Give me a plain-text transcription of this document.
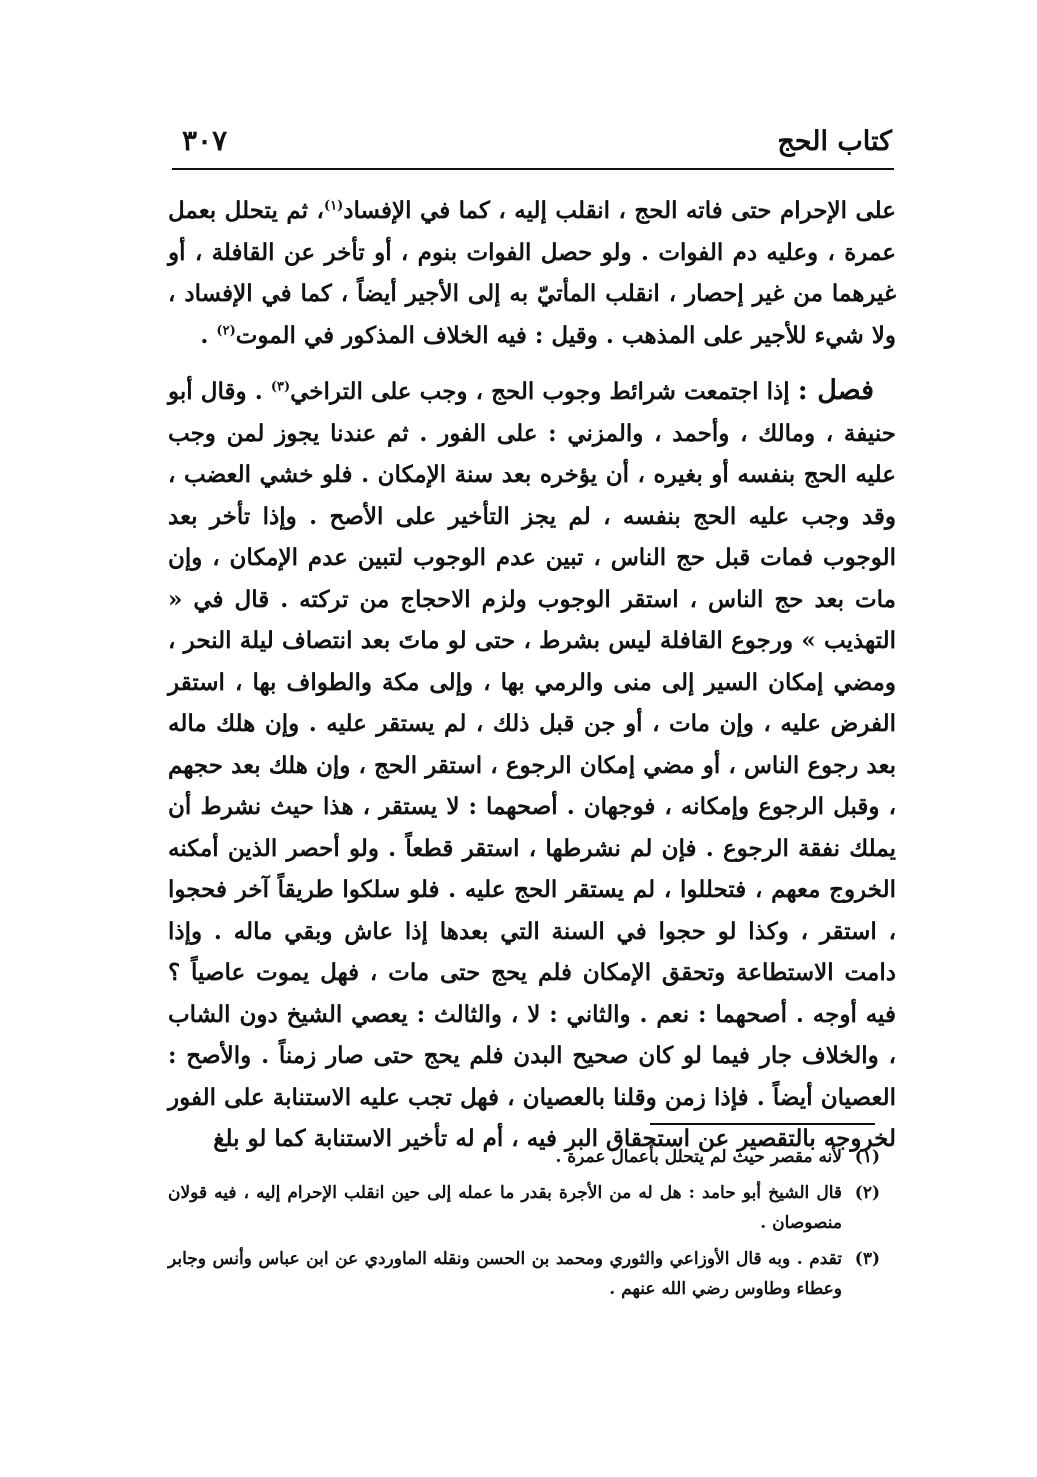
كتاب الحج
٣٠٧

على الإحرام حتى فاته الحج ، انقلب إليه ، كما في الإفساد$^{(١)}$، ثم يتحلل بعمل عمرة ، وعليه دم الفوات . ولو حصل الفوات بنوم ، أو تأخر عن القافلة ، أو غيرهما من غير إحصار ، انقلب المأتيّ به إلى الأجير أيضاً ، كما في الإفساد ، ولا شيء للأجير على المذهب . وقيل : فيه الخلاف المذكور في الموت$^{(٢)}$ .

فصل : إذا اجتمعت شرائط وجوب الحج ، وجب على التراخي$^{(٣)}$ . وقال أبو حنيفة ، ومالك ، وأحمد ، والمزني : على الفور . ثم عندنا يجوز لمن وجب عليه الحج بنفسه أو بغيره ، أن يؤخره بعد سنة الإمكان . فلو خشي العضب ، وقد وجب عليه الحج بنفسه ، لم يجز التأخير على الأصح . وإذا تأخر بعد الوجوب فمات قبل حج الناس ، تبين عدم الوجوب لتبين عدم الإمكان ، وإن مات بعد حج الناس ، استقر الوجوب ولزم الاحجاج من تركته . قال في « التهذيب » ورجوع القافلة ليس بشرط ، حتى لو ماتَ بعد انتصاف ليلة النحر ، ومضي إمكان السير إلى منى والرمي بها ، وإلى مكة والطواف بها ، استقر الفرض عليه ، وإن مات ، أو جن قبل ذلك ، لم يستقر عليه . وإن هلك ماله بعد رجوع الناس ، أو مضي إمكان الرجوع ، استقر الحج ، وإن هلك بعد حجهم ، وقبل الرجوع وإمكانه ، فوجهان . أصحهما : لا يستقر ، هذا حيث نشرط أن يملك نفقة الرجوع . فإن لم نشرطها ، استقر قطعاً . ولو أحصر الذين أمكنه الخروج معهم ، فتحللوا ، لم يستقر الحج عليه . فلو سلكوا طريقاً آخر فحجوا ، استقر ، وكذا لو حجوا في السنة التي بعدها إذا عاش وبقي ماله . وإذا دامت الاستطاعة وتحقق الإمكان فلم يحج حتى مات ، فهل يموت عاصياً ؟ فيه أوجه . أصحهما : نعم . والثاني : لا ، والثالث : يعصي الشيخ دون الشاب ، والخلاف جار فيما لو كان صحيح البدن فلم يحج حتى صار زمناً . والأصح : العصيان أيضاً . فإذا زمن وقلنا بالعصيان ، فهل تجب عليه الاستنابة على الفور لخروجه بالتقصير عن استحقاق البر فيه ، أم له تأخير الاستنابة كما لو بلغ

(١)
لأنه مقصر حيث لم يتحلل بأعمال عمرة .
(٢)
قال الشيخ أبو حامد : هل له من الأجرة بقدر ما عمله إلى حين انقلب الإحرام إليه ، فيه قولان منصوصان .
(٣)
تقدم . وبه قال الأوزاعي والثوري ومحمد بن الحسن ونقله الماوردي عن ابن عباس وأنس وجابر وعطاء وطاوس رضي الله عنهم .
